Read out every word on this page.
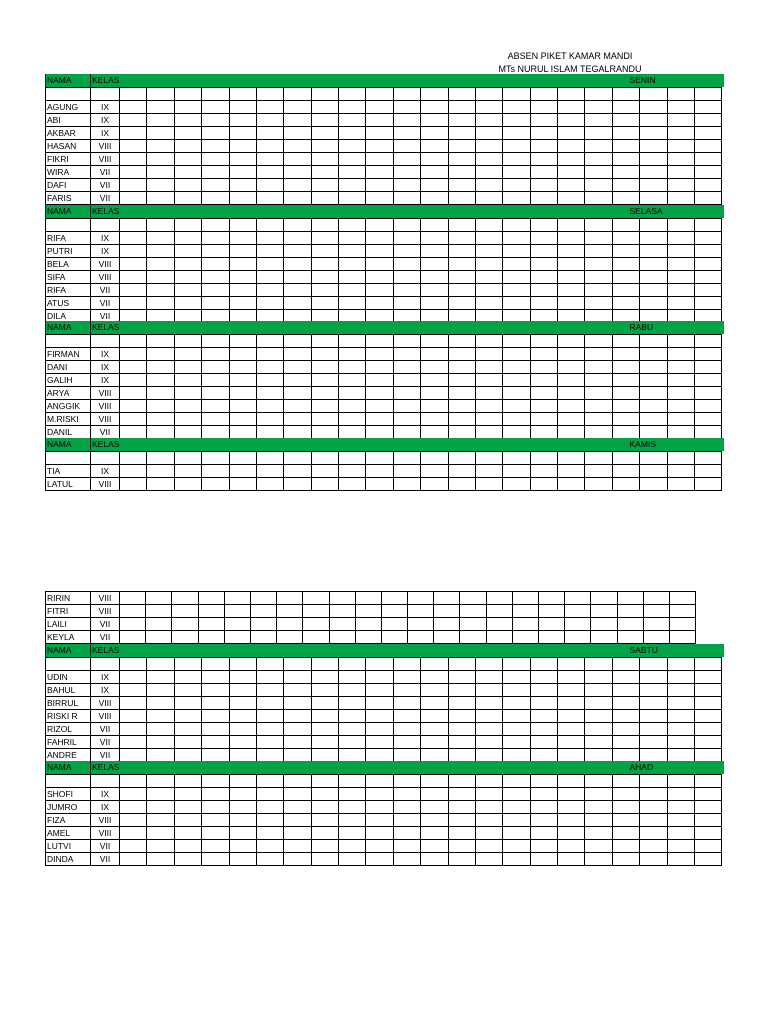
ABSEN PIKET KAMAR MANDI
MTs NURUL ISLAM TEGALRANDU
NAMA	KELAS	SENIN																					

AGUNG	IX																						
ABI	IX																						
AKBAR	IX																						
HASAN	VIII																						
FIKRI	VIII																						
WIRA	VII																						
DAFI	VII																						
FARIS	VII																						
NAMA	KELAS	SELASA																					

RIFA	IX																						
PUTRI	IX																						
BELA	VIII																						
SIFA	VIII																						
RIFA	VII																						
ATUS	VII																						
DILA	VII																						
NAMA	KELAS	RABU																					

FIRMAN	IX																						
DANI	IX																						
GALIH	IX																						
ARYA	VIII																						
ANGGIK	VIII																						
M.RISKI	VIII																						
DANIL	VII																						
NAMA	KELAS	KAMIS																					

TIA	IX																						
LATUL	VIII																						
RIRIN	VIII																						
FITRI	VIII																						
LAILI	VII																						
KEYLA	VII																						
NAMA	KELAS	SABTU																					

UDIN	IX																						
BAHUL	IX																						
BIRRUL	VIII																						
RISKI R	VIII																						
RIZOL	VII																						
FAHRIL	VII																						
ANDRE	VII																						
NAMA	KELAS	AHAD																					

SHOFI	IX																						
JUMRO	IX																						
FIZA	VIII																						
AMEL	VIII																						
LUTVI	VII																						
DINDA	VII																						
